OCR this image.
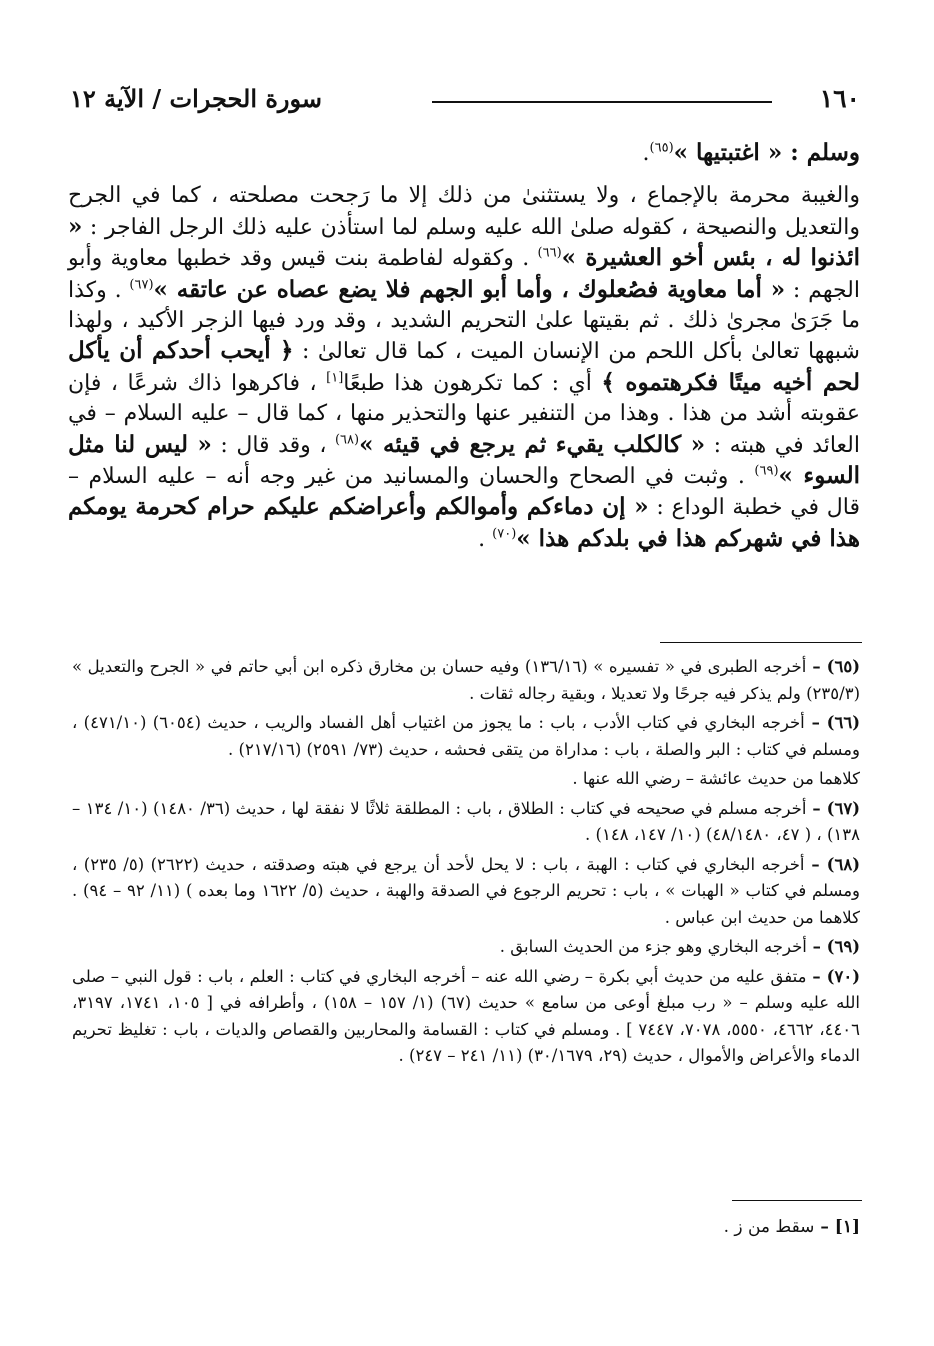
١٦٠
سورة الحجرات / الآية ١٢

وسلم : « اغتبتيها »$^{(٦٥)}$.

والغيبة محرمة بالإجماع ، ولا يستثنىٰ من ذلك إلا ما رَجحت مصلحته ، كما في الجرح والتعديل والنصيحة ، كقوله صلىٰ الله عليه وسلم لما استأذن عليه ذلك الرجل الفاجر : « ائذنوا له ، بئس أخو العشيرة »$^{(٦٦)}$ . وكقوله لفاطمة بنت قيس وقد خطبها معاوية وأبو الجهم : « أما معاوية فصُعلوك ، وأما أبو الجهم فلا يضع عصاه عن عاتقه »$^{(٦٧)}$ . وكذا ما جَرَىٰ مجرىٰ ذلك . ثم بقيتها علىٰ التحريم الشديد ، وقد ورد فيها الزجر الأكيد ، ولهذا شبهها تعالىٰ بأكل اللحم من الإنسان الميت ، كما قال تعالىٰ : ﴿ أيحب أحدكم أن يأكل لحم أخيه ميتًا فكرهتموه ﴾ أي : كما تكرهون هذا طبعًا[١] ، فاكرهوا ذاك شرعًا ، فإن عقوبته أشد من هذا . وهذا من التنفير عنها والتحذير منها ، كما قال – عليه السلام – في العائد في هبته : « كالكلب يقيء ثم يرجع في قيئه »$^{(٦٨)}$ ، وقد قال : « ليس لنا مثل السوء »$^{(٦٩)}$ . وثبت في الصحاح والحسان والمسانيد من غير وجه أنه – عليه السلام – قال في خطبة الوداع : « إن دماءكم وأموالكم وأعراضكم عليكم حرام كحرمة يومكم هذا في شهركم هذا في بلدكم هذا »$^{(٧٠)}$ .

(٦٥) – أخرجه الطبرى في « تفسيره » (١٣٦/١٦) وفيه حسان بن مخارق ذكره ابن أبي حاتم في « الجرح والتعديل » (٢٣٥/٣) ولم يذكر فيه جرحًا ولا تعديلا ، وبقية رجاله ثقات .

(٦٦) – أخرجه البخاري في كتاب الأدب ، باب : ما يجوز من اغتياب أهل الفساد والريب ، حديث (٦٠٥٤) (٤٧١/١٠) ، ومسلم في كتاب : البر والصلة ، باب : مداراة من يتقى فحشه ، حديث (٧٣/ ٢٥٩١) (٢١٧/١٦) .

كلاهما من حديث عائشة – رضي الله عنها .

(٦٧) – أخرجه مسلم في صحيحه في كتاب : الطلاق ، باب : المطلقة ثلاثًا لا نفقة لها ، حديث (٣٦/ ١٤٨٠) (١٠/ ١٣٤ – ١٣٨) ، ( ٤٧، ٤٨/١٤٨٠) (١٠/ ١٤٧، ١٤٨) .

(٦٨) – أخرجه البخاري في كتاب : الهبة ، باب : لا يحل لأحد أن يرجع في هبته وصدقته ، حديث (٢٦٢٢) (٥/ ٢٣٥) ، ومسلم في كتاب « الهبات » ، باب : تحريم الرجوع في الصدقة والهبة ، حديث (٥/ ١٦٢٢ وما بعده ) (١١/ ٩٢ – ٩٤) . كلاهما من حديث ابن عباس .

(٦٩) – أخرجه البخاري وهو جزء من الحديث السابق .

(٧٠) – متفق عليه من حديث أبي بكرة – رضي الله عنه – أخرجه البخاري في كتاب : العلم ، باب : قول النبي – صلى الله عليه وسلم – « رب مبلغ أوعى من سامع » حديث (٦٧) (١/ ١٥٧ – ١٥٨) ، وأطرافه في [ ١٠٥، ١٧٤١، ٣١٩٧، ٤٤٠٦، ٤٦٦٢، ٥٥٥٠، ٧٠٧٨، ٧٤٤٧ ] . ومسلم في كتاب : القسامة والمحاربين والقصاص والديات ، باب : تغليظ تحريم الدماء والأعراض والأموال ، حديث (٢٩، ٣٠/١٦٧٩) (١١/ ٢٤١ – ٢٤٧) .

[١] – سقط من ز .
